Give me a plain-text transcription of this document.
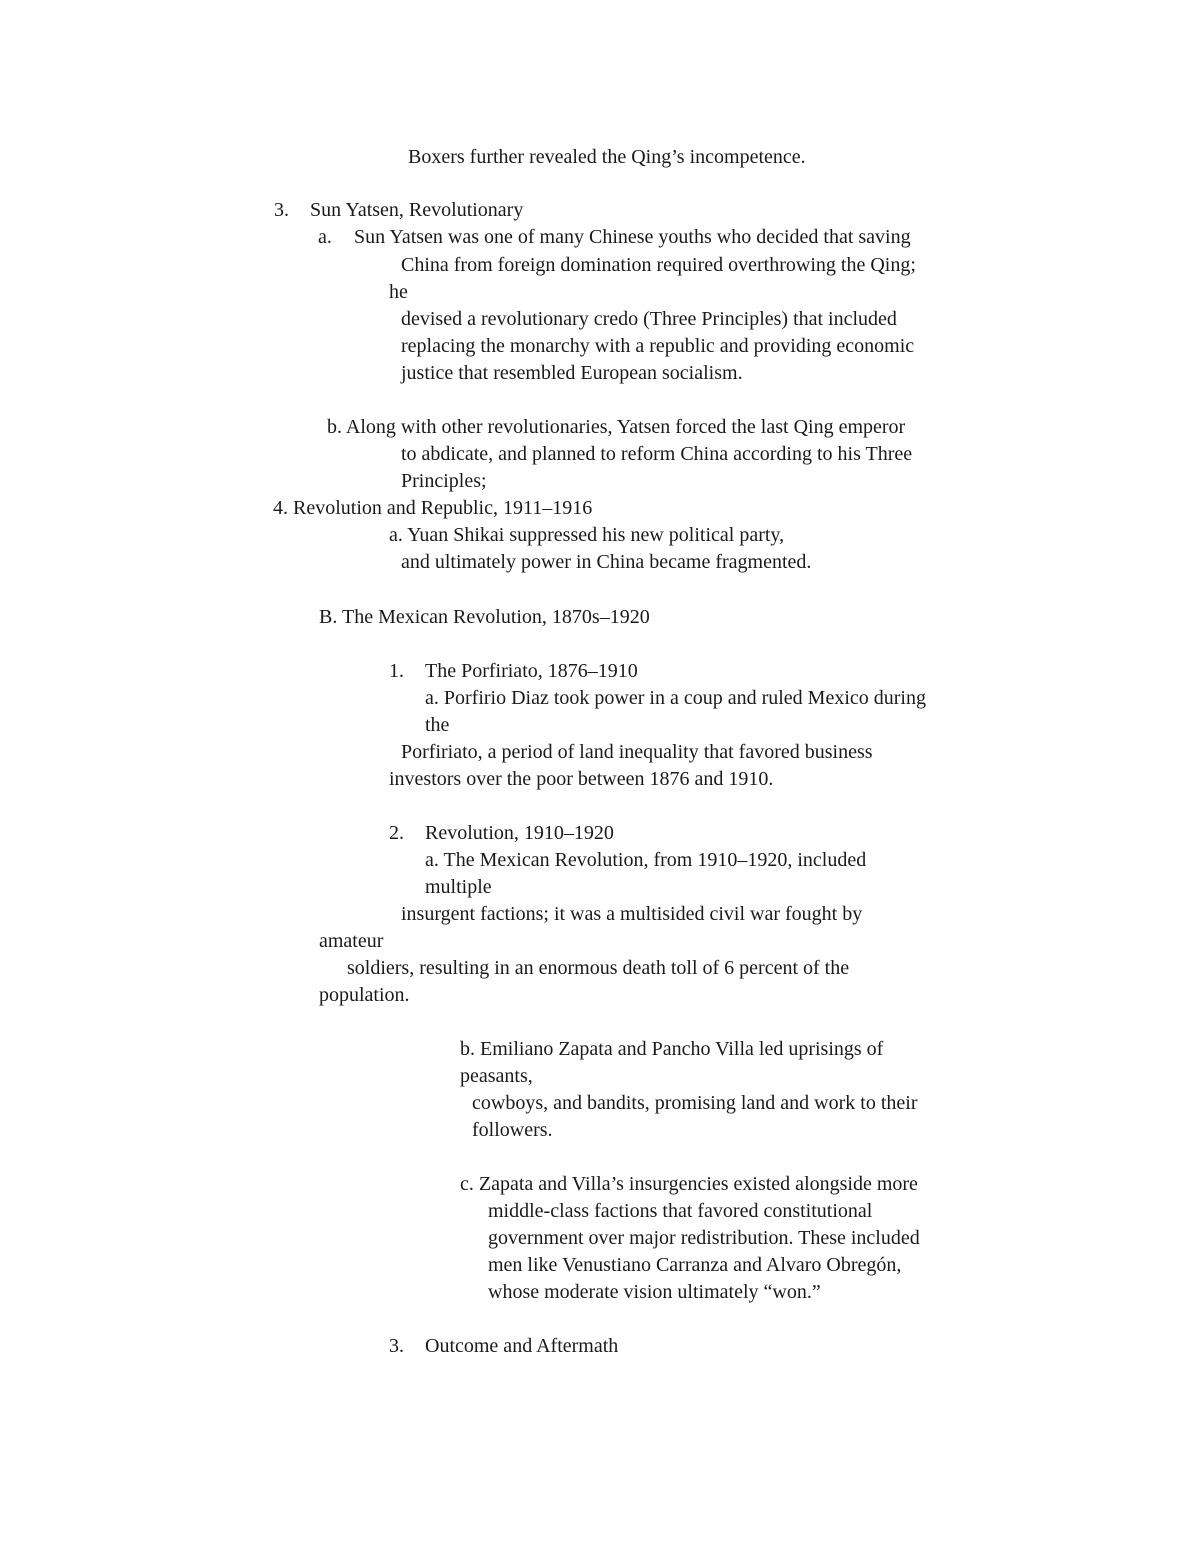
Boxers further revealed the Qing’s incompetence.

3. Sun Yatsen, Revolutionary

a. Sun Yatsen was one of many Chinese youths who decided that saving

China from foreign domination required overthrowing the Qing;

he

devised a revolutionary credo (Three Principles) that included

replacing the monarchy with a republic and providing economic

justice that resembled European socialism.

b. Along with other revolutionaries, Yatsen forced the last Qing emperor

to abdicate, and planned to reform China according to his Three

Principles;

4. Revolution and Republic, 1911–1916

a. Yuan Shikai suppressed his new political party,

and ultimately power in China became fragmented.

B. The Mexican Revolution, 1870s–1920

1. The Porfiriato, 1876–1910

a. Porfirio Diaz took power in a coup and ruled Mexico during

the

Porfiriato, a period of land inequality that favored business

investors over the poor between 1876 and 1910.

2. Revolution, 1910–1920

a. The Mexican Revolution, from 1910–1920, included

multiple

insurgent factions; it was a multisided civil war fought by

amateur

soldiers, resulting in an enormous death toll of 6 percent of the

population.

b. Emiliano Zapata and Pancho Villa led uprisings of

peasants,

cowboys, and bandits, promising land and work to their

followers.

c. Zapata and Villa’s insurgencies existed alongside more

middle-class factions that favored constitutional

government over major redistribution. These included

men like Venustiano Carranza and Alvaro Obregón,

whose moderate vision ultimately “won.”

3. Outcome and Aftermath
